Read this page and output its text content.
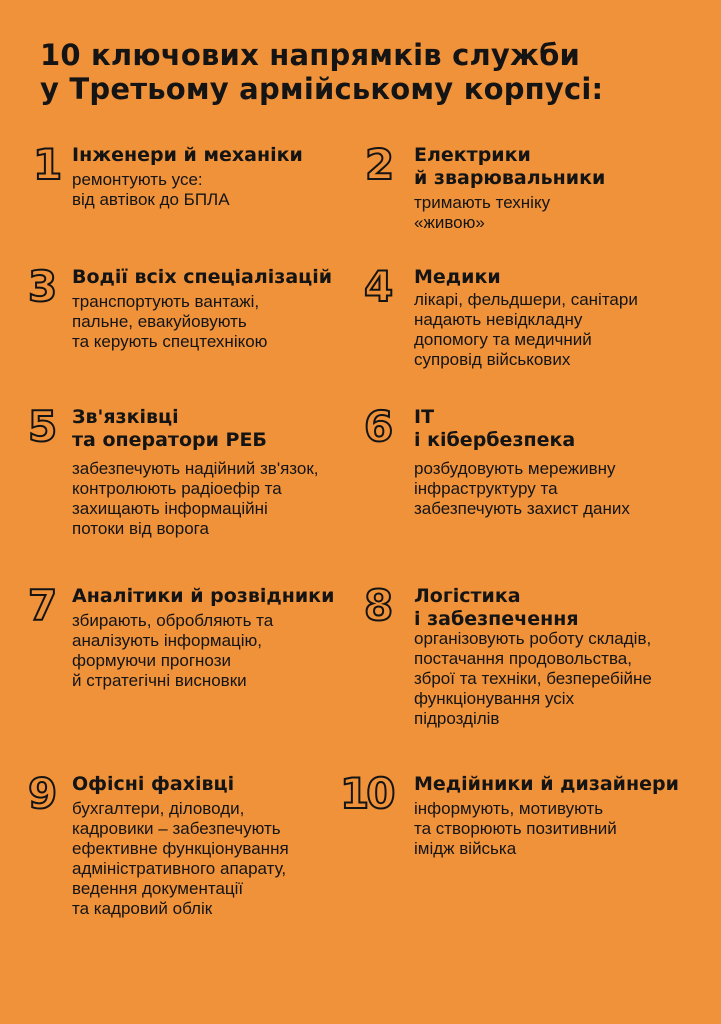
10 ключових напрямків служби
у Третьому армійському корпусі:
1 Інженери й механіки
ремонтують усе:
від автівок до БПЛА
2 Електрики
й зварювальники
тримають техніку
«живою»
3 Водії всіх спеціалізацій
транспортують вантажі,
пальне, евакуйовують
та керують спецтехнікою
4 Медики
лікарі, фельдшери, санітари
надають невідкладну
допомогу та медичний
супровід військових
5 Зв'язківці
та оператори РЕБ
забезпечують надійний зв'язок,
контролюють радіоефір та
захищають інформаційні
потоки від ворога
6 ІТ
і кібербезпека
розбудовують мереживну
інфраструктуру та
забезпечують захист даних
7 Аналітики й розвідники
збирають, обробляють та
аналізують інформацію,
формуючи прогнози
й стратегічні висновки
8 Логістика
і забезпечення
організовують роботу складів,
постачання продовольства,
зброї та техніки, безперебійне
функціонування усіх
підрозділів
9 Офісні фахівці
бухгалтери, діловоди,
кадровики – забезпечують
ефективне функціонування
адміністративного апарату,
ведення документації
та кадровий облік
10 Медійники й дизайнери
інформують, мотивують
та створюють позитивний
імідж війська
